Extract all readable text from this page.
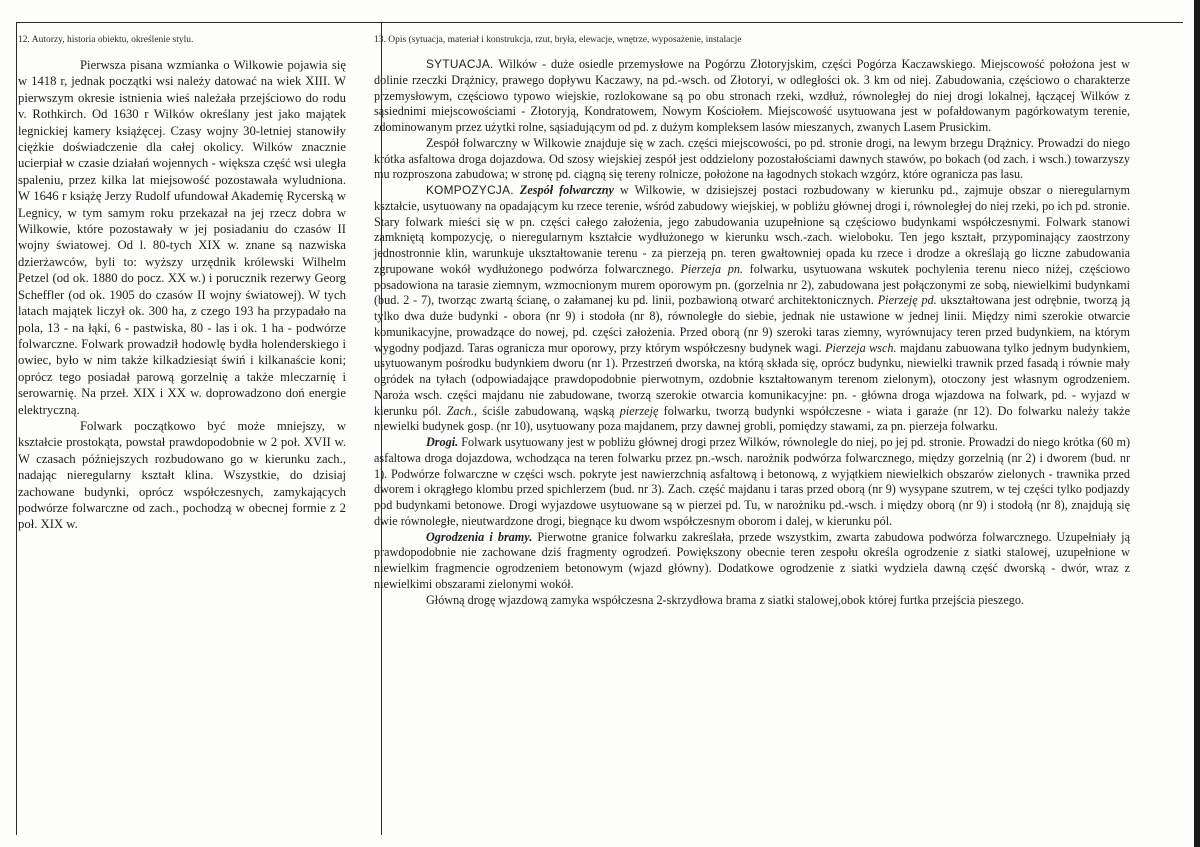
12. Autorzy, historia obiektu, określenie stylu.

Pierwsza pisana wzmianka o Wilkowie pojawia się w 1418 r, jednak początki wsi należy datować na wiek XIII. W pierwszym okresie istnienia wieś należała przejściowo do rodu v. Rothkirch. Od 1630 r Wilków określany jest jako majątek legnickiej kamery książęcej. Czasy wojny 30-letniej stanowiły ciężkie doświadczenie dla całej okolicy. Wilków znacznie ucierpiał w czasie działań wojennych - większa część wsi uległa spaleniu, przez kilka lat miejsowość pozostawała wyludniona. W 1646 r książę Jerzy Rudolf ufundował Akademię Rycerską w Legnicy, w tym samym roku przekazał na jej rzecz dobra w Wilkowie, które pozostawały w jej posiadaniu do czasów II wojny światowej. Od l. 80-tych XIX w. znane są nazwiska dzierżawców, byli to: wyższy urzędnik królewski Wilhelm Petzel (od ok. 1880 do pocz. XX w.) i porucznik rezerwy Georg Scheffler (od ok. 1905 do czasów II wojny światowej). W tych latach majątek liczył ok. 300 ha, z czego 193 ha przypadało na pola, 13 - na łąki, 6 - pastwiska, 80 - las i ok. 1 ha - podwórze folwarczne. Folwark prowadził hodowlę bydła holenderskiego i owiec, było w nim także kilkadziesiąt świń i kilkanaście koni; oprócz tego posiadał parową gorzelnię a także mleczarnię i serowarnię. Na przeł. XIX i XX w. doprowadzono doń energie elektryczną.

Folwark początkowo być może mniejszy, w kształcie prostokąta, powstał prawdopodobnie w 2 poł. XVII w. W czasach późniejszych rozbudowano go w kierunku zach., nadając nieregularny kształt klina. Wszystkie, do dzisiaj zachowane budynki, oprócz współczesnych, zamykających podwórze folwarczne od zach., pochodzą w obecnej formie z 2 poł. XIX w.

13. Opis (sytuacja, materiał i konstrukcja, rzut, bryła, elewacje, wnętrze, wyposażenie, instalacje

SYTUACJA. Wilków - duże osiedle przemysłowe na Pogórzu Złotoryjskim, części Pogórza Kaczawskiego. Miejscowość położona jest w dolinie rzeczki Drążnicy, prawego dopływu Kaczawy, na pd.-wsch. od Złotoryi, w odległości ok. 3 km od niej. Zabudowania, częściowo o charakterze przemysłowym, częściowo typowo wiejskie, rozlokowane są po obu stronach rzeki, wzdłuż, równoległej do niej drogi lokalnej, łączącej Wilków z sąsiednimi miejscowościami - Złotoryją, Kondratowem, Nowym Kościołem. Miejscowość usytuowana jest w pofałdowanym pagórkowatym terenie, zdominowanym przez użytki rolne, sąsiadującym od pd. z dużym kompleksem lasów mieszanych, zwanych Lasem Prusickim.

Zespół folwarczny w Wilkowie znajduje się w zach. części miejscowości, po pd. stronie drogi, na lewym brzegu Drążnicy. Prowadzi do niego krótka asfaltowa droga dojazdowa. Od szosy wiejskiej zespół jest oddzielony pozostałościami dawnych stawów, po bokach (od zach. i wsch.) towarzyszy mu rozproszona zabudowa; w stronę pd. ciągną się tereny rolnicze, położone na łagodnych stokach wzgórz, które ogranicza pas lasu.

KOMPOZYCJA. Zespół folwarczny w Wilkowie, w dzisiejszej postaci rozbudowany w kierunku pd., zajmuje obszar o nieregularnym kształcie, usytuowany na opadającym ku rzece terenie, wśród zabudowy wiejskiej, w pobliżu głównej drogi i, równoległej do niej rzeki, po ich pd. stronie. Stary folwark mieści się w pn. części całego założenia, jego zabudowania uzupełnione są częściowo budynkami współczesnymi. Folwark stanowi zamkniętą kompozycję, o nieregularnym kształcie wydłużonego w kierunku wsch.-zach. wieloboku. Ten jego kształt, przypominający zaostrzony jednostronnie klin, warunkuje ukształtowanie terenu - za pierzeją pn. teren gwałtowniej opada ku rzece i drodze a określają go liczne zabudowania zgrupowane wokół wydłużonego podwórza folwarcznego. Pierzeja pn. folwarku, usytuowana wskutek pochylenia terenu nieco niżej, częściowo posadowiona na tarasie ziemnym, wzmocnionym murem oporowym pn. (gorzelnia nr 2), zabudowana jest połączonymi ze sobą, niewielkimi budynkami (bud. 2 - 7), tworząc zwartą ścianę, o załamanej ku pd. linii, pozbawioną otwarć architektonicznych. Pierzeję pd. ukształtowana jest odrębnie, tworzą ją tylko dwa duże budynki - obora (nr 9) i stodoła (nr 8), równoległe do siebie, jednak nie ustawione w jednej linii. Między nimi szerokie otwarcie komunikacyjne, prowadzące do nowej, pd. części założenia. Przed oborą (nr 9) szeroki taras ziemny, wyrównujacy teren przed budynkiem, na którym wygodny podjazd. Taras ogranicza mur oporowy, przy którym współczesny budynek wagi. Pierzeja wsch. majdanu zabuowana tylko jednym budynkiem, usytuowanym pośrodku budynkiem dworu (nr 1). Przestrzeń dworska, na którą składa się, oprócz budynku, niewielki trawnik przed fasadą i równie mały ogródek na tyłach (odpowiadające prawdopodobnie pierwotnym, ozdobnie kształtowanym terenom zielonym), otoczony jest własnym ogrodzeniem. Naroża wsch. części majdanu nie zabudowane, tworzą szerokie otwarcia komunikacyjne: pn. - główna droga wjazdowa na folwark, pd. - wyjazd w kierunku pól. Zach., ściśle zabudowaną, wąską pierzeję folwarku, tworzą budynki współczesne - wiata i garaże (nr 12). Do folwarku należy także niewielki budynek gosp. (nr 10), usytuowany poza majdanem, przy dawnej grobli, pomiędzy stawami, za pn. pierzeja folwarku.

Drogi. Folwark usytuowany jest w pobliżu głównej drogi przez Wilków, równolegle do niej, po jej pd. stronie. Prowadzi do niego krótka (60 m) asfaltowa droga dojazdowa, wchodząca na teren folwarku przez pn.-wsch. narożnik podwórza folwarcznego, między gorzelnią (nr 2) i dworem (bud. nr 1). Podwórze folwarczne w części wsch. pokryte jest nawierzchnią asfaltową i betonową, z wyjątkiem niewielkich obszarów zielonych - trawnika przed dworem i okrągłego klombu przed spichlerzem (bud. nr 3). Zach. część majdanu i taras przed oborą (nr 9) wysypane szutrem, w tej części tylko podjazdy pod budynkami betonowe. Drogi wyjazdowe usytuowane są w pierzei pd. Tu, w narożniku pd.-wsch. i między oborą (nr 9) i stodołą (nr 8), znajdują się dwie równoległe, nieutwardzone drogi, biegnące ku dwom współczesnym oborom i dalej, w kierunku pól.

Ogrodzenia i bramy. Pierwotne granice folwarku zakreślała, przede wszystkim, zwarta zabudowa podwórza folwarcznego. Uzupełniały ją prawdopodobnie nie zachowane dziś fragmenty ogrodzeń. Powiększony obecnie teren zespołu określa ogrodzenie z siatki stalowej, uzupełnione w niewielkim fragmencie ogrodzeniem betonowym (wjazd główny). Dodatkowe ogrodzenie z siatki wydziela dawną część dworską - dwór, wraz z niewielkimi obszarami zielonymi wokół.

Główną drogę wjazdową zamyka współczesna 2-skrzydłowa brama z siatki stalowej,obok której furtka przejścia pieszego.
